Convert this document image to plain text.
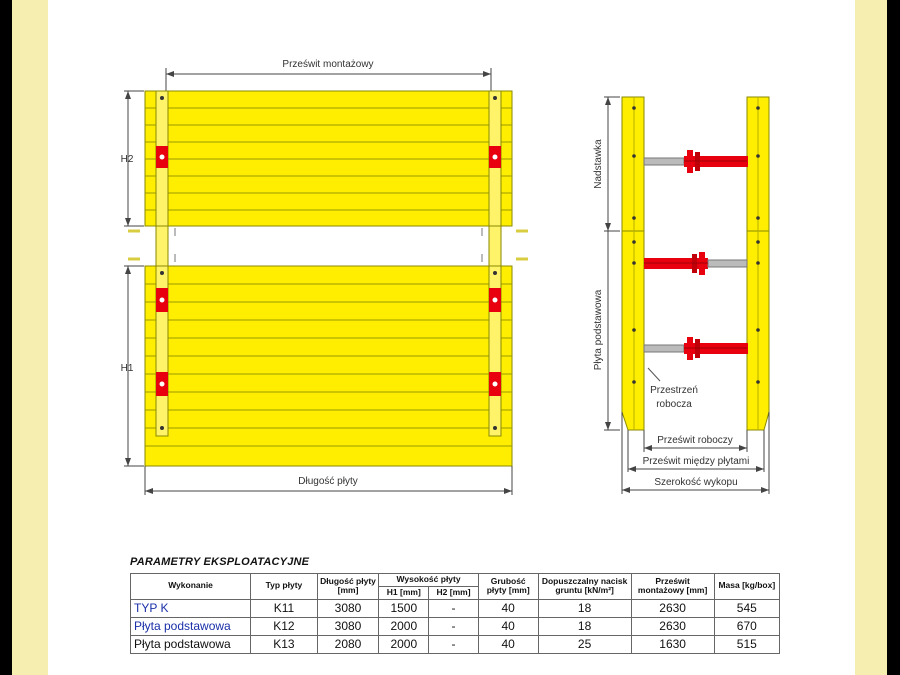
Prześwit montażowy
H2
H1
Długość płyty
Nadstawka
Płyta podstawowa
Przestrzeń
robocza
Prześwit roboczy
Prześwit między płytami
Szerokość wykopu
PARAMETRY EKSPLOATACYJNE
Wykonanie	Typ płyty	Długość płyty [mm]	Wysokość płyty		Grubość płyty [mm]	Dopuszczalny nacisk gruntu [kN/m²]	Prześwit montażowy [mm]	Masa [kg/box]
			H1 [mm]	H2 [mm]				
TYP K	K11	3080	1500	-	40	18	2630	545
Płyta podstawowa	K12	3080	2000	-	40	18	2630	670
Płyta podstawowa	K13	2080	2000	-	40	25	1630	515
